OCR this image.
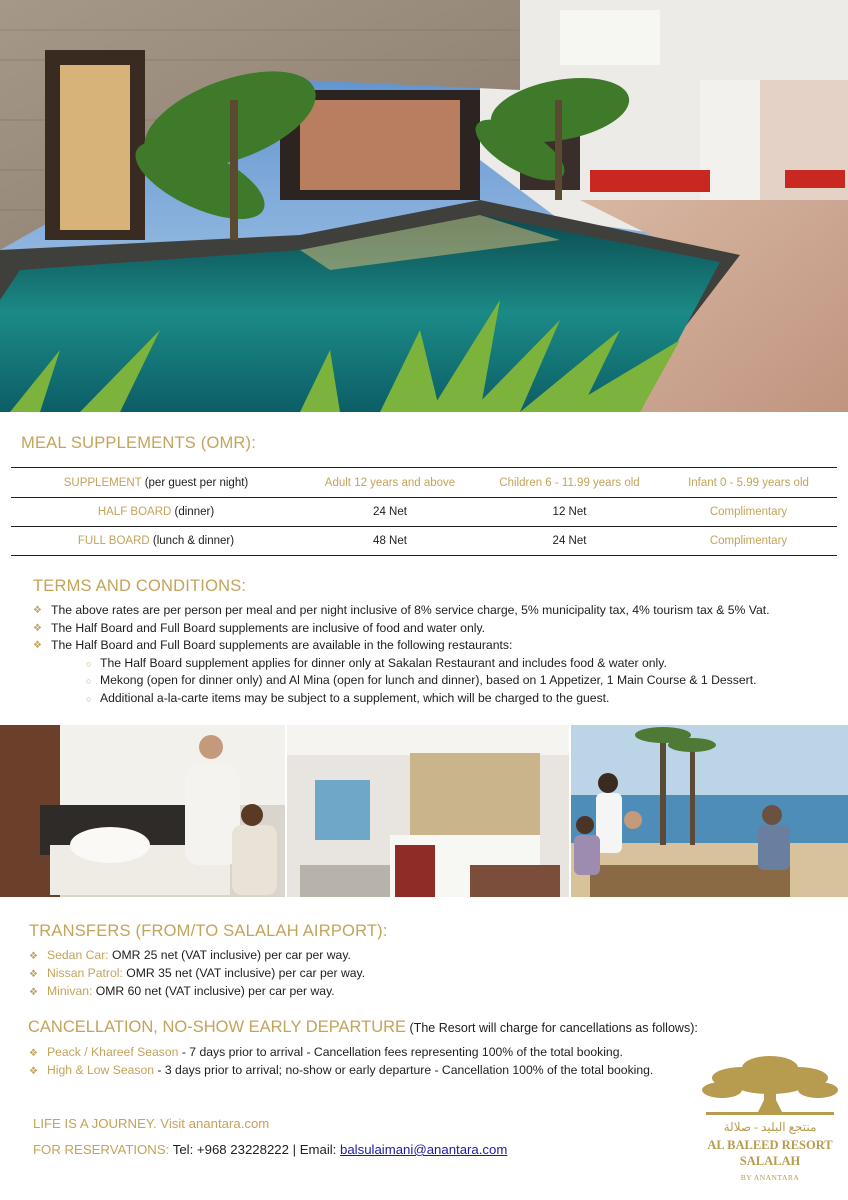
MEAL SUPPLEMENTS (OMR):
SUPPLEMENT (per guest per night)	Adult 12 years and above	Children 6 - 11.99 years old	Infant 0 - 5.99 years old
HALF BOARD (dinner)	24 Net	12 Net	Complimentary
FULL BOARD (lunch & dinner)	48 Net	24 Net	Complimentary
TERMS AND CONDITIONS:
❖ The above rates are per person per meal and per night inclusive of 8% service charge, 5% municipality tax, 4% tourism tax & 5% Vat.
❖ The Half Board and Full Board supplements are inclusive of food and water only.
❖ The Half Board and Full Board supplements are available in the following restaurants:
○ The Half Board supplement applies for dinner only at Sakalan Restaurant and includes food & water only.
○ Mekong (open for dinner only) and Al Mina (open for lunch and dinner), based on 1 Appetizer, 1 Main Course & 1 Dessert.
○ Additional a-la-carte items may be subject to a supplement, which will be charged to the guest.
TRANSFERS (FROM/TO SALALAH AIRPORT):
❖ Sedan Car: OMR 25 net (VAT inclusive) per car per way.
❖ Nissan Patrol: OMR 35 net (VAT inclusive) per car per way.
❖ Minivan: OMR 60 net (VAT inclusive) per car per way.
CANCELLATION, NO-SHOW EARLY DEPARTURE (The Resort will charge for cancellations as follows):
❖ Peack / Khareef Season - 7 days prior to arrival - Cancellation fees representing 100% of the total booking.
❖ High & Low Season - 3 days prior to arrival; no-show or early departure - Cancellation 100% of the total booking.
LIFE IS A JOURNEY. Visit anantara.com
FOR RESERVATIONS: Tel: +968 23228222 | Email: balsulaimani@anantara.com
منتجع البليد - صلالة
AL BALEED RESORT
SALALAH
BY ANANTARA
